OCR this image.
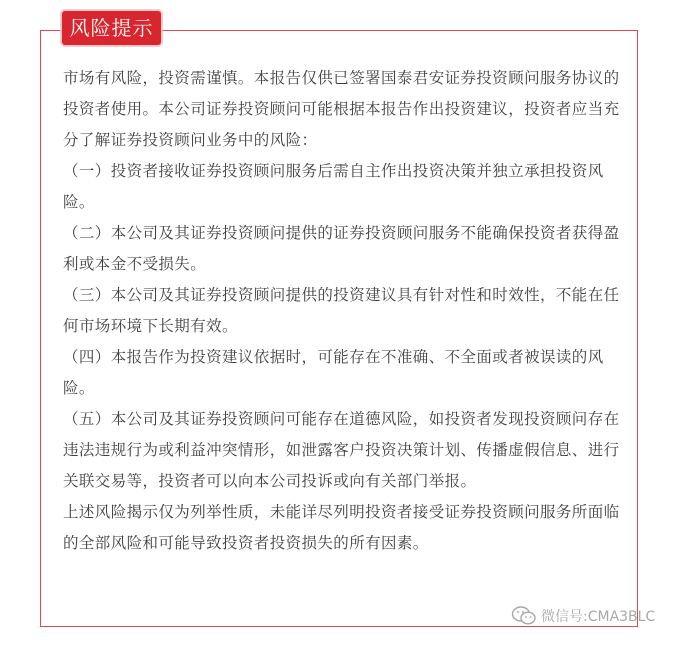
风险提示

市场有风险，投资需谨慎。本报告仅供已签署国泰君安证券投资顾问服务协议的投资者使用。本公司证券投资顾问可能根据本报告作出投资建议，投资者应当充分了解证券投资顾问业务中的风险：

（一）投资者接收证券投资顾问服务后需自主作出投资决策并独立承担投资风险。

（二）本公司及其证券投资顾问提供的证券投资顾问服务不能确保投资者获得盈利或本金不受损失。

（三）本公司及其证券投资顾问提供的投资建议具有针对性和时效性，不能在任何市场环境下长期有效。

（四）本报告作为投资建议依据时，可能存在不准确、不全面或者被误读的风险。

（五）本公司及其证券投资顾问可能存在道德风险，如投资者发现投资顾问存在违法违规行为或利益冲突情形，如泄露客户投资决策计划、传播虚假信息、进行关联交易等，投资者可以向本公司投诉或向有关部门举报。

上述风险揭示仅为列举性质，未能详尽列明投资者接受证券投资顾问服务所面临的全部风险和可能导致投资者投资损失的所有因素。

微信号:CMA3BLC
